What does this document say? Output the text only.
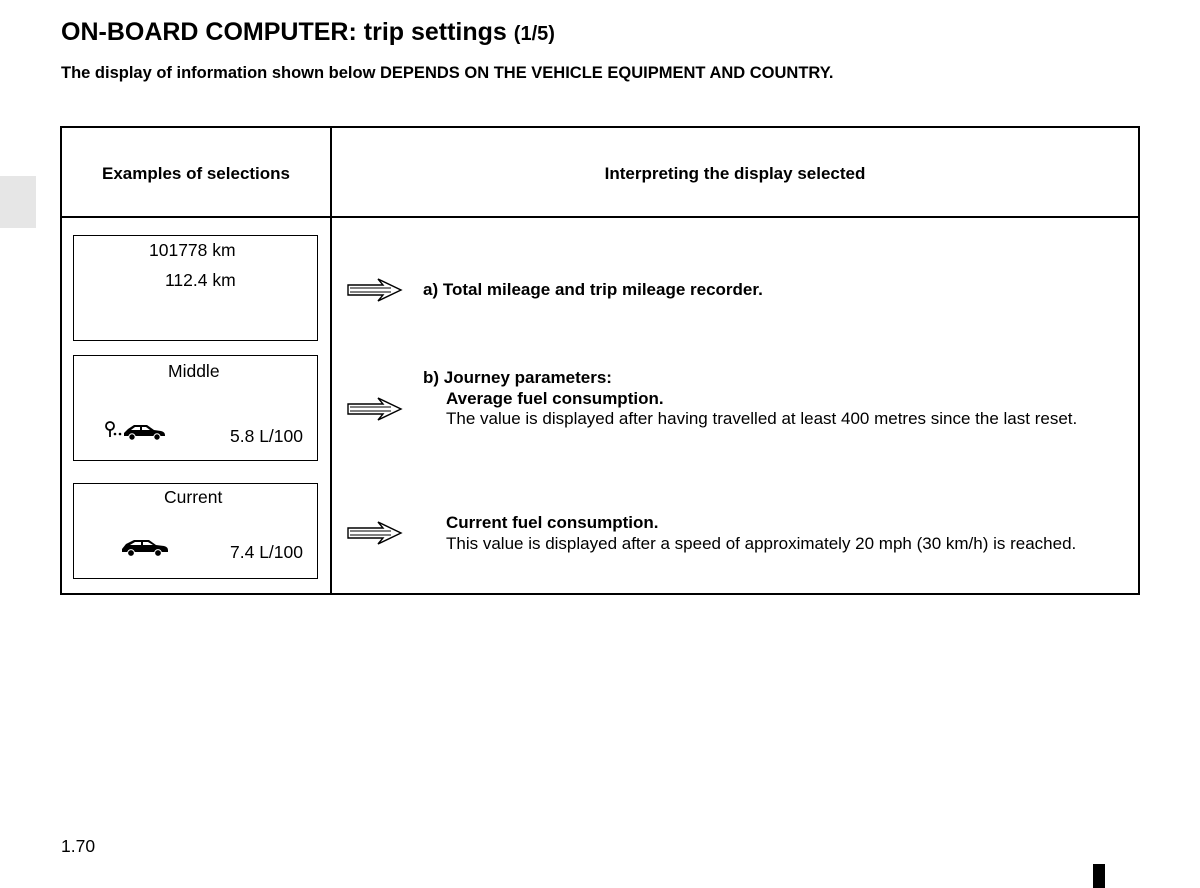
ON-BOARD COMPUTER: trip settings (1/5)

The display of information shown below DEPENDS ON THE VEHICLE EQUIPMENT AND COUNTRY.

Examples of selections	Interpreting the display selected
101778 km
112.4 km
Middle
5.8 L/100
Current
7.4 L/100
a) Total mileage and trip mileage recorder.
b) Journey parameters:
Average fuel consumption.
The value is displayed after having travelled at least 400 metres since the last reset.
Current fuel consumption.
This value is displayed after a speed of approximately 20 mph (30 km/h) is reached.
1.70
